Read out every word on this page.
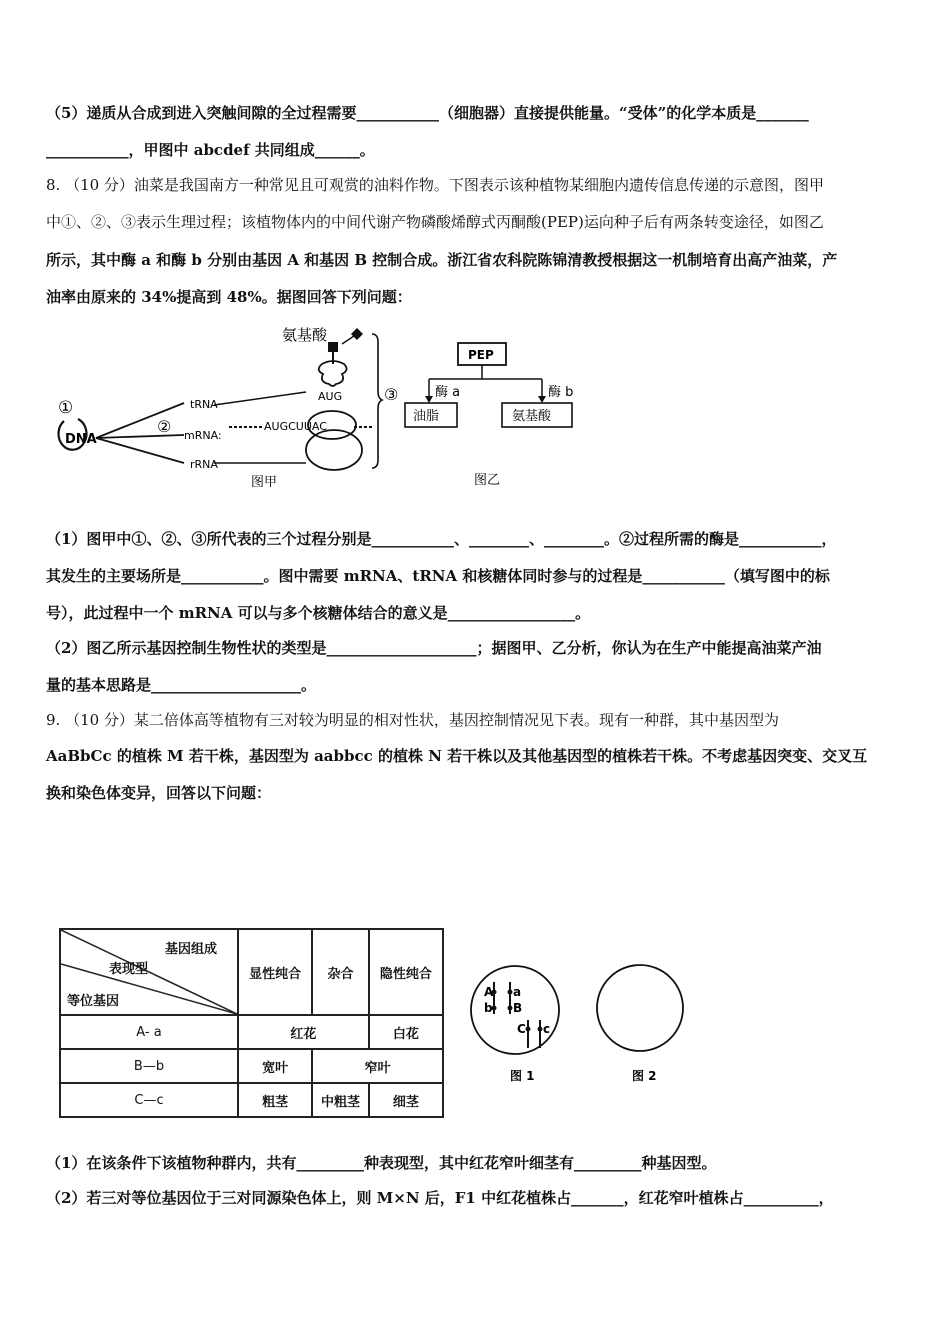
（5）递质从合成到进入突触间隙的全过程需要___________（细胞器）直接提供能量。“受体”的化学本质是_______
___________，甲图中 abcdef 共同组成______。
8. （10 分）油菜是我国南方一种常见且可观赏的油料作物。下图表示该种植物某细胞内遗传信息传递的示意图，图甲
中①、②、③表示生理过程；该植物体内的中间代谢产物磷酸烯醇式丙酮酸(PEP)运向种子后有两条转变途径，如图乙
所示，其中酶 a 和酶 b 分别由基因 A 和基因 B 控制合成。浙江省农科院陈锦清教授根据这一机制培育出高产油菜，产
油率由原来的 34%提高到 48%。据图回答下列问题：
氨基酸
AUG
①
DNA
tRNA
② mRNA:
rRNA
AUGCUUAC
图甲
③
PEP
酶 a	酶 b
油脂	氨基酸
图乙
（1）图甲中①、②、③所代表的三个过程分别是___________、________、________。②过程所需的酶是___________，
其发生的主要场所是___________。图中需要 mRNA、tRNA 和核糖体同时参与的过程是___________（填写图中的标
号），此过程中一个 mRNA 可以与多个核糖体结合的意义是_________________。
（2）图乙所示基因控制生物性状的类型是____________________；据图甲、乙分析，你认为在生产中能提高油菜产油
量的基本思路是____________________。
9. （10 分）某二倍体高等植物有三对较为明显的相对性状，基因控制情况见下表。现有一种群，其中基因型为
AaBbCc 的植株 M 若干株，基因型为 aabbcc 的植株 N 若干株以及其他基因型的植株若干株。不考虑基因突变、交叉互
换和染色体变异，回答以下问题：
基因组成
表现型
等位基因	显性纯合	杂合	隐性纯合
A- a	红花		白花
B—b	宽叶	窄叶	
C—c	粗茎	中粗茎	细茎
A a
b B
C c
图 1	图 2
（1）在该条件下该植物种群内，共有_________种表现型，其中红花窄叶细茎有_________种基因型。
（2）若三对等位基因位于三对同源染色体上，则 M×N 后，F1 中红花植株占_______，红花窄叶植株占__________，
